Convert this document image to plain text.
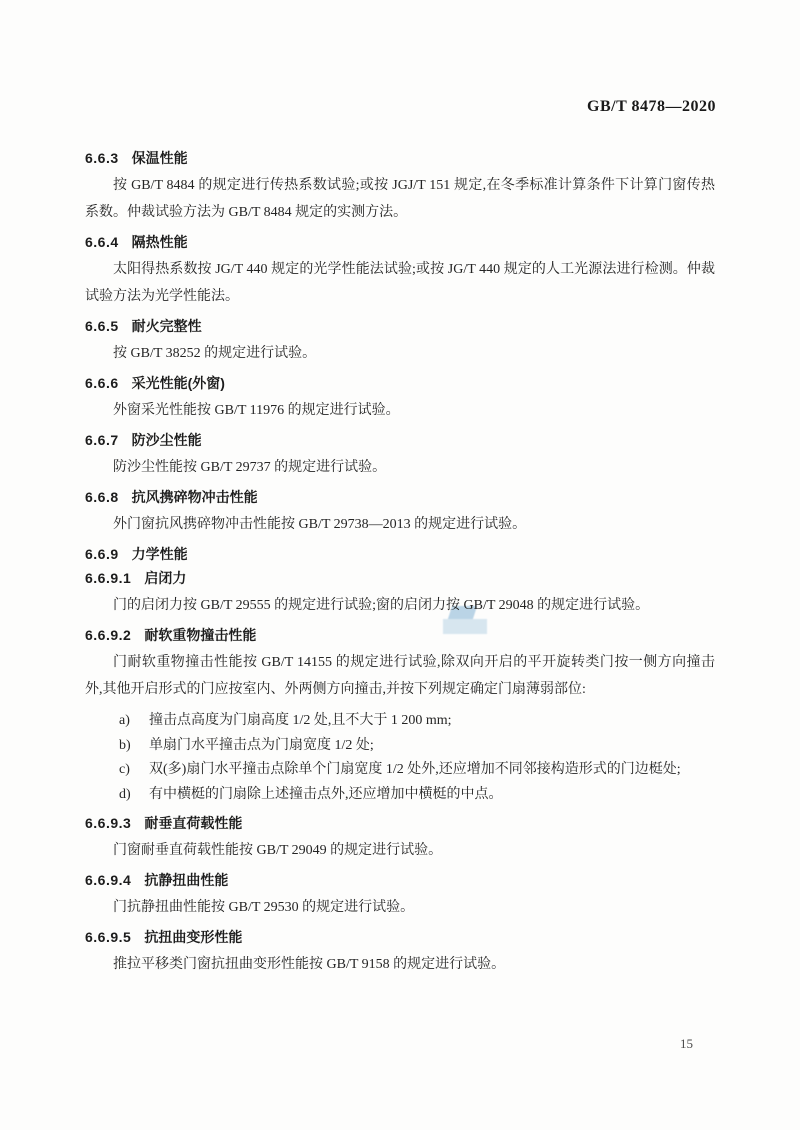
GB/T 8478—2020
6.6.3 保温性能

按 GB/T 8484 的规定进行传热系数试验;或按 JGJ/T 151 规定,在冬季标准计算条件下计算门窗传热系数。仲裁试验方法为 GB/T 8484 规定的实测方法。

6.6.4 隔热性能

太阳得热系数按 JG/T 440 规定的光学性能法试验;或按 JG/T 440 规定的人工光源法进行检测。仲裁试验方法为光学性能法。

6.6.5 耐火完整性

按 GB/T 38252 的规定进行试验。

6.6.6 采光性能(外窗)

外窗采光性能按 GB/T 11976 的规定进行试验。

6.6.7 防沙尘性能

防沙尘性能按 GB/T 29737 的规定进行试验。

6.6.8 抗风携碎物冲击性能

外门窗抗风携碎物冲击性能按 GB/T 29738—2013 的规定进行试验。

6.6.9 力学性能
6.6.9.1 启闭力

门的启闭力按 GB/T 29555 的规定进行试验;窗的启闭力按 GB/T 29048 的规定进行试验。

6.6.9.2 耐软重物撞击性能

门耐软重物撞击性能按 GB/T 14155 的规定进行试验,除双向开启的平开旋转类门按一侧方向撞击外,其他开启形式的门应按室内、外两侧方向撞击,并按下列规定确定门扇薄弱部位:

a)	撞击点高度为门扇高度 1/2 处,且不大于 1 200 mm;
b)	单扇门水平撞击点为门扇宽度 1/2 处;
c)	双(多)扇门水平撞击点除单个门扇宽度 1/2 处外,还应增加不同邻接构造形式的门边梃处;
d)	有中横梃的门扇除上述撞击点外,还应增加中横梃的中点。
6.6.9.3 耐垂直荷载性能

门窗耐垂直荷载性能按 GB/T 29049 的规定进行试验。

6.6.9.4 抗静扭曲性能

门抗静扭曲性能按 GB/T 29530 的规定进行试验。

6.6.9.5 抗扭曲变形性能

推拉平移类门窗抗扭曲变形性能按 GB/T 9158 的规定进行试验。

15
